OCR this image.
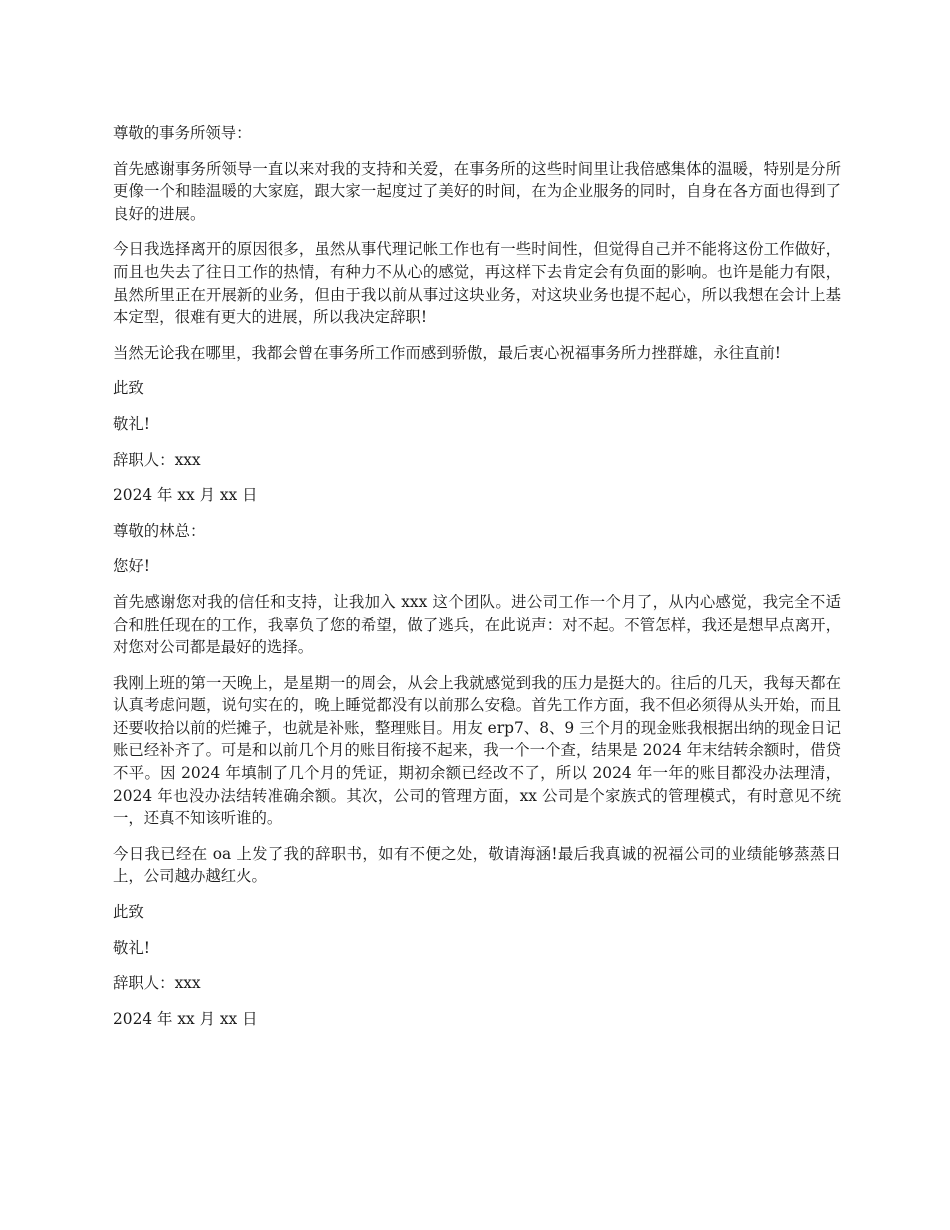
尊敬的事务所领导：

首先感谢事务所领导一直以来对我的支持和关爱，在事务所的这些时间里让我倍感集体的温暖，特别是分所更像一个和睦温暖的大家庭，跟大家一起度过了美好的时间，在为企业服务的同时，自身在各方面也得到了良好的进展。

今日我选择离开的原因很多，虽然从事代理记帐工作也有一些时间性，但觉得自己并不能将这份工作做好，而且也失去了往日工作的热情，有种力不从心的感觉，再这样下去肯定会有负面的影响。也许是能力有限，虽然所里正在开展新的业务，但由于我以前从事过这块业务，对这块业务也提不起心，所以我想在会计上基本定型，很难有更大的进展，所以我决定辞职!

当然无论我在哪里，我都会曾在事务所工作而感到骄傲，最后衷心祝福事务所力挫群雄，永往直前!

此致

敬礼!

辞职人：xxx

2024 年 xx 月 xx 日

尊敬的林总：

您好!

首先感谢您对我的信任和支持，让我加入 xxx 这个团队。进公司工作一个月了，从内心感觉，我完全不适合和胜任现在的工作，我辜负了您的希望，做了逃兵，在此说声：对不起。不管怎样，我还是想早点离开，对您对公司都是最好的选择。

我刚上班的第一天晚上，是星期一的周会，从会上我就感觉到我的压力是挺大的。往后的几天，我每天都在认真考虑问题，说句实在的，晚上睡觉都没有以前那么安稳。首先工作方面，我不但必须得从头开始，而且还要收拾以前的烂摊子，也就是补账，整理账目。用友 erp7、8、9 三个月的现金账我根据出纳的现金日记账已经补齐了。可是和以前几个月的账目衔接不起来，我一个一个查，结果是 2024 年末结转余额时，借贷不平。因 2024 年填制了几个月的凭证，期初余额已经改不了，所以 2024 年一年的账目都没办法理清，2024 年也没办法结转准确余额。其次，公司的管理方面，xx 公司是个家族式的管理模式，有时意见不统一，还真不知该听谁的。

今日我已经在 oa 上发了我的辞职书，如有不便之处，敬请海涵!最后我真诚的祝福公司的业绩能够蒸蒸日上，公司越办越红火。

此致

敬礼!

辞职人：xxx

2024 年 xx 月 xx 日
